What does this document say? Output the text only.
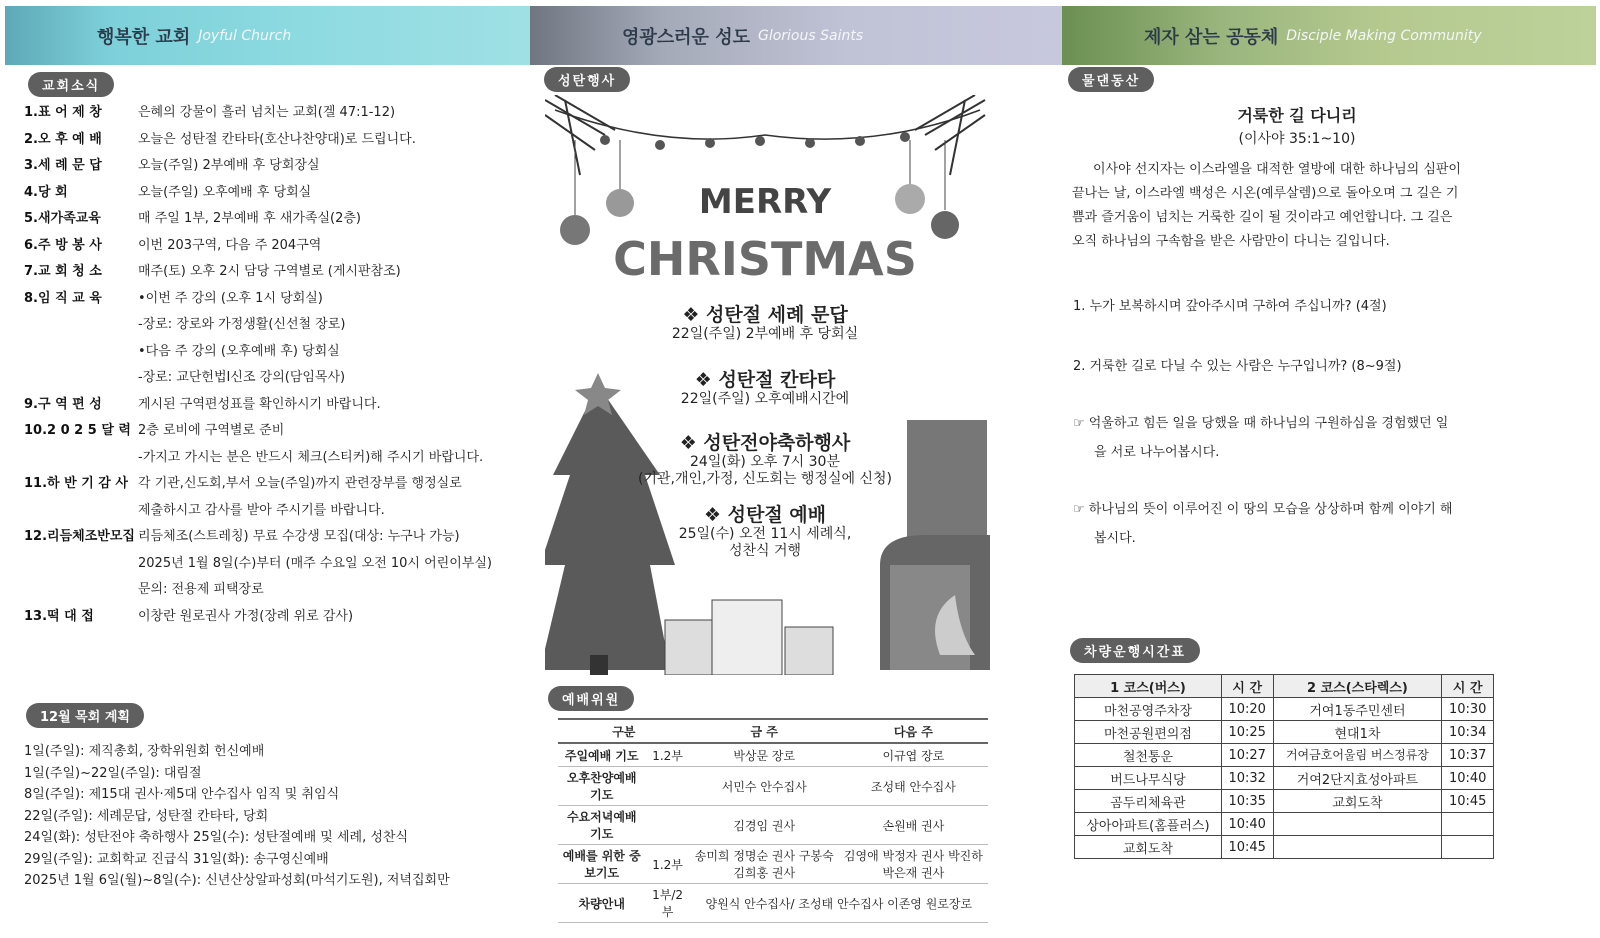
행복한 교회 Joyful Church	영광스러운 성도 Glorious Saints	제자 삼는 공동체 Disciple Making Community
교회소식
1.표 어 제 창	은혜의 강물이 흘러 넘치는 교회(겔 47:1-12)
2.오 후 예 배	오늘은 성탄절 칸타타(호산나찬양대)로 드립니다.
3.세 례 문 답	오늘(주일) 2부예배 후 당회장실
4.당 회	오늘(주일) 오후예배 후 당회실
5.새가족교육	매 주일 1부, 2부예배 후 새가족실(2층)
6.주 방 봉 사	이번 203구역, 다음 주 204구역
7.교 회 청 소	매주(토) 오후 2시 담당 구역별로 (게시판참조)
8.임 직 교 육	•이번 주 강의 (오후 1시 당회실)
-장로: 장로와 가정생활(신선철 장로)
•다음 주 강의 (오후예배 후) 당회실
-장로: 교단헌법Ⅰ신조 강의(담임목사)
9.구 역 편 성	게시된 구역편성표를 확인하시기 바랍니다.
10.2 0 2 5 달 력 2층 로비에 구역별로 준비
-가지고 가시는 분은 반드시 체크(스티커)해 주시기 바랍니다.
11.하 반 기 감 사 각 기관,신도회,부서 오늘(주일)까지 관련장부를 행정실로
제출하시고 감사를 받아 주시기를 바랍니다.
12.리듬체조반모집 리듬체조(스트레칭) 무료 수강생 모집(대상: 누구나 가능)
2025년 1월 8일(수)부터 (매주 수요일 오전 10시 어린이부실)
문의: 전용제 피택장로
13.떡 대 접	이창란 원로권사 가정(장례 위로 감사)
12월 목회 계획
1일(주일): 제직총회, 장학위원회 헌신예배
1일(주일)~22일(주일): 대림절
8일(주일): 제15대 권사·제5대 안수집사 임직 및 취임식
22일(주일): 세례문답, 성탄절 칸타타, 당회
24일(화): 성탄전야 축하행사 25일(수): 성탄절예배 및 세례, 성찬식
29일(주일): 교회학교 진급식 31일(화): 송구영신예배
2025년 1월 6일(월)~8일(수): 신년산상알파성회(마석기도원), 저녁집회만
성탄행사
MERRY
CHRISTMAS
❖ 성탄절 세례 문답
22일(주일) 2부예배 후 당회실
❖ 성탄절 칸타타
22일(주일) 오후예배시간에
❖ 성탄전야축하행사
24일(화) 오후 7시 30분
(기관,개인,가정, 신도회는 행정실에 신청)
❖ 성탄절 예배
25일(수) 오전 11시 세례식,
성찬식 거행
예배위원
구분		금 주	다음 주
주일예배 기도	1.2부	박상문 장로	이규엽 장로
오후찬양예배 기도		서민수 안수집사	조성태 안수집사
수요저녁예배 기도		김경임 권사	손원배 권사
예배를 위한 중보기도	1.2부	송미희 정명순 권사 구봉숙 김희홍 권사	김영애 박정자 권사 박진하 박은재 권사
차량안내	1부/2부	양원식 안수집사/ 조성태 안수집사 이존영 원로장로	
물댄동산
거룩한 길 다니리
(이사야 35:1~10)
이사야 선지자는 이스라엘을 대적한 열방에 대한 하나님의 심판이
끝나는 날, 이스라엘 백성은 시온(예루살렘)으로 돌아오며 그 길은 기
쁨과 즐거움이 넘치는 거룩한 길이 될 것이라고 예언합니다. 그 길은
오직 하나님의 구속함을 받은 사람만이 다니는 길입니다.
1. 누가 보복하시며 갚아주시며 구하여 주십니까? (4절)
2. 거룩한 길로 다닐 수 있는 사람은 누구입니까? (8~9절)
☞ 억울하고 힘든 일을 당했을 때 하나님의 구원하심을 경험했던 일
을 서로 나누어봅시다.
☞ 하나님의 뜻이 이루어진 이 땅의 모습을 상상하며 함께 이야기 해
봅시다.
차량운행시간표
1 코스(버스)	시 간	2 코스(스타렉스)	시 간
마천공영주차장	10:20	거여1동주민센터	10:30
마천공원편의점	10:25	현대1차	10:34
철천통운	10:27	거여금호어울림 버스정류장	10:37
버드나무식당	10:32	거여2단지효성아파트	10:40
곰두리체육관	10:35	교회도착	10:45
상아아파트(홈플러스)	10:40		
교회도착	10:45		
